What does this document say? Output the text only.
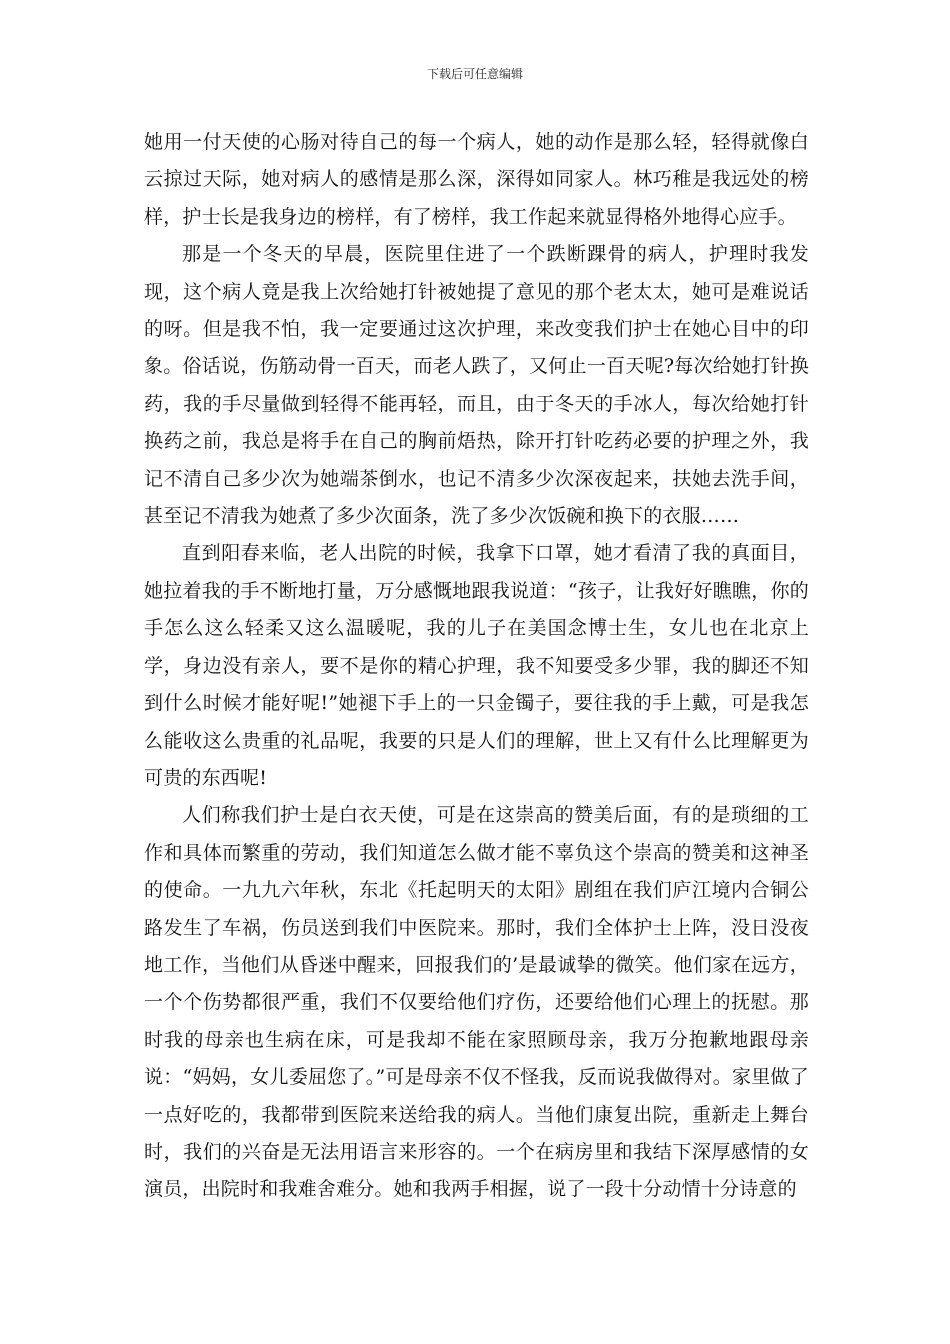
下载后可任意编辑

她用一付天使的心肠对待自己的每一个病人，她的动作是那么轻，轻得就像白云掠过天际，她对病人的感情是那么深，深得如同家人。林巧稚是我远处的榜样，护士长是我身边的榜样，有了榜样，我工作起来就显得格外地得心应手。

那是一个冬天的早晨，医院里住进了一个跌断踝骨的病人，护理时我发现，这个病人竟是我上次给她打针被她提了意见的那个老太太，她可是难说话的呀。但是我不怕，我一定要通过这次护理，来改变我们护士在她心目中的印象。俗话说，伤筋动骨一百天，而老人跌了，又何止一百天呢?每次给她打针换药，我的手尽量做到轻得不能再轻，而且，由于冬天的手冰人，每次给她打针换药之前，我总是将手在自己的胸前焐热，除开打针吃药必要的护理之外，我记不清自己多少次为她端茶倒水，也记不清多少次深夜起来，扶她去洗手间，甚至记不清我为她煮了多少次面条，洗了多少次饭碗和换下的衣服……

直到阳春来临，老人出院的时候，我拿下口罩，她才看清了我的真面目，她拉着我的手不断地打量，万分感慨地跟我说道：“孩子，让我好好瞧瞧，你的手怎么这么轻柔又这么温暖呢，我的儿子在美国念博士生，女儿也在北京上学，身边没有亲人，要不是你的精心护理，我不知要受多少罪，我的脚还不知到什么时候才能好呢!”她褪下手上的一只金镯子，要往我的手上戴，可是我怎么能收这么贵重的礼品呢，我要的只是人们的理解，世上又有什么比理解更为可贵的东西呢!

人们称我们护士是白衣天使，可是在这崇高的赞美后面，有的是琐细的工作和具体而繁重的劳动，我们知道怎么做才能不辜负这个崇高的赞美和这神圣的使命。一九九六年秋，东北《托起明天的太阳》剧组在我们庐江境内合铜公路发生了车祸，伤员送到我们中医院来。那时，我们全体护士上阵，没日没夜地工作，当他们从昏迷中醒来，回报我们的’是最诚挚的微笑。他们家在远方，一个个伤势都很严重，我们不仅要给他们疗伤，还要给他们心理上的抚慰。那时我的母亲也生病在床，可是我却不能在家照顾母亲，我万分抱歉地跟母亲说：“妈妈，女儿委屈您了。”可是母亲不仅不怪我，反而说我做得对。家里做了一点好吃的，我都带到医院来送给我的病人。当他们康复出院，重新走上舞台时，我们的兴奋是无法用语言来形容的。一个在病房里和我结下深厚感情的女演员，出院时和我难舍难分。她和我两手相握，说了一段十分动情十分诗意的
